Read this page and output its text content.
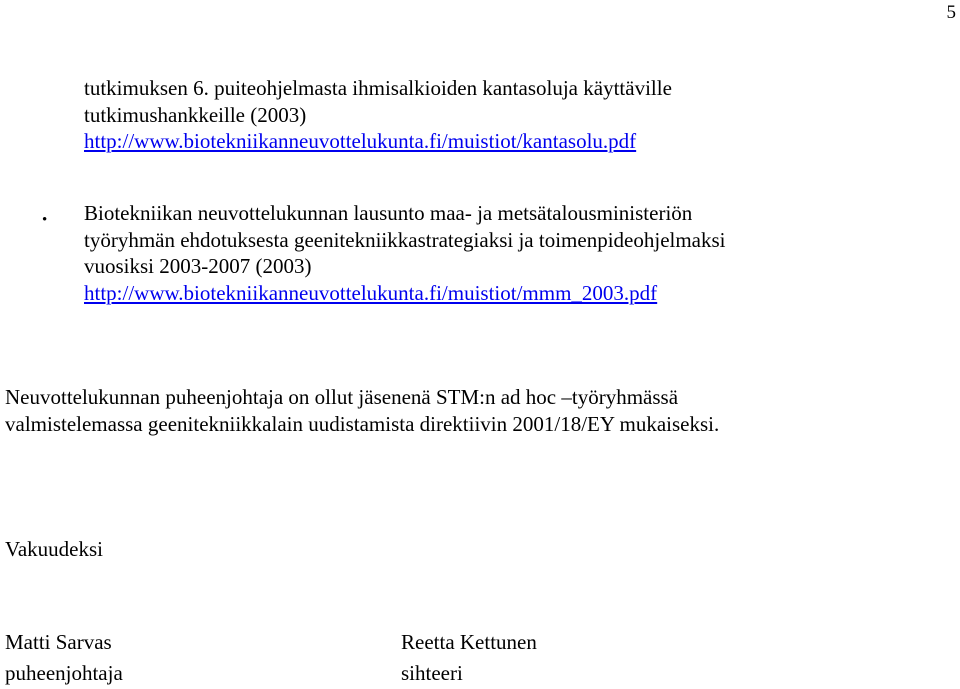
5
tutkimuksen 6. puiteohjelmasta ihmisalkioiden kantasoluja käyttäville
tutkimushankkeille (2003)
http://www.biotekniikanneuvottelukunta.fi/muistiot/kantasolu.pdf
• Biotekniikan neuvottelukunnan lausunto maa- ja metsätalousministeriön
työryhmän ehdotuksesta geenitekniikkastrategiaksi ja toimenpideohjelmaksi
vuosiksi 2003-2007 (2003)
http://www.biotekniikanneuvottelukunta.fi/muistiot/mmm_2003.pdf
Neuvottelukunnan puheenjohtaja on ollut jäsenenä STM:n ad hoc –työryhmässä
valmistelemassa geenitekniikkalain uudistamista direktiivin 2001/18/EY mukaiseksi.
Vakuudeksi
Matti Sarvas
puheenjohtaja
Reetta Kettunen
sihteeri
